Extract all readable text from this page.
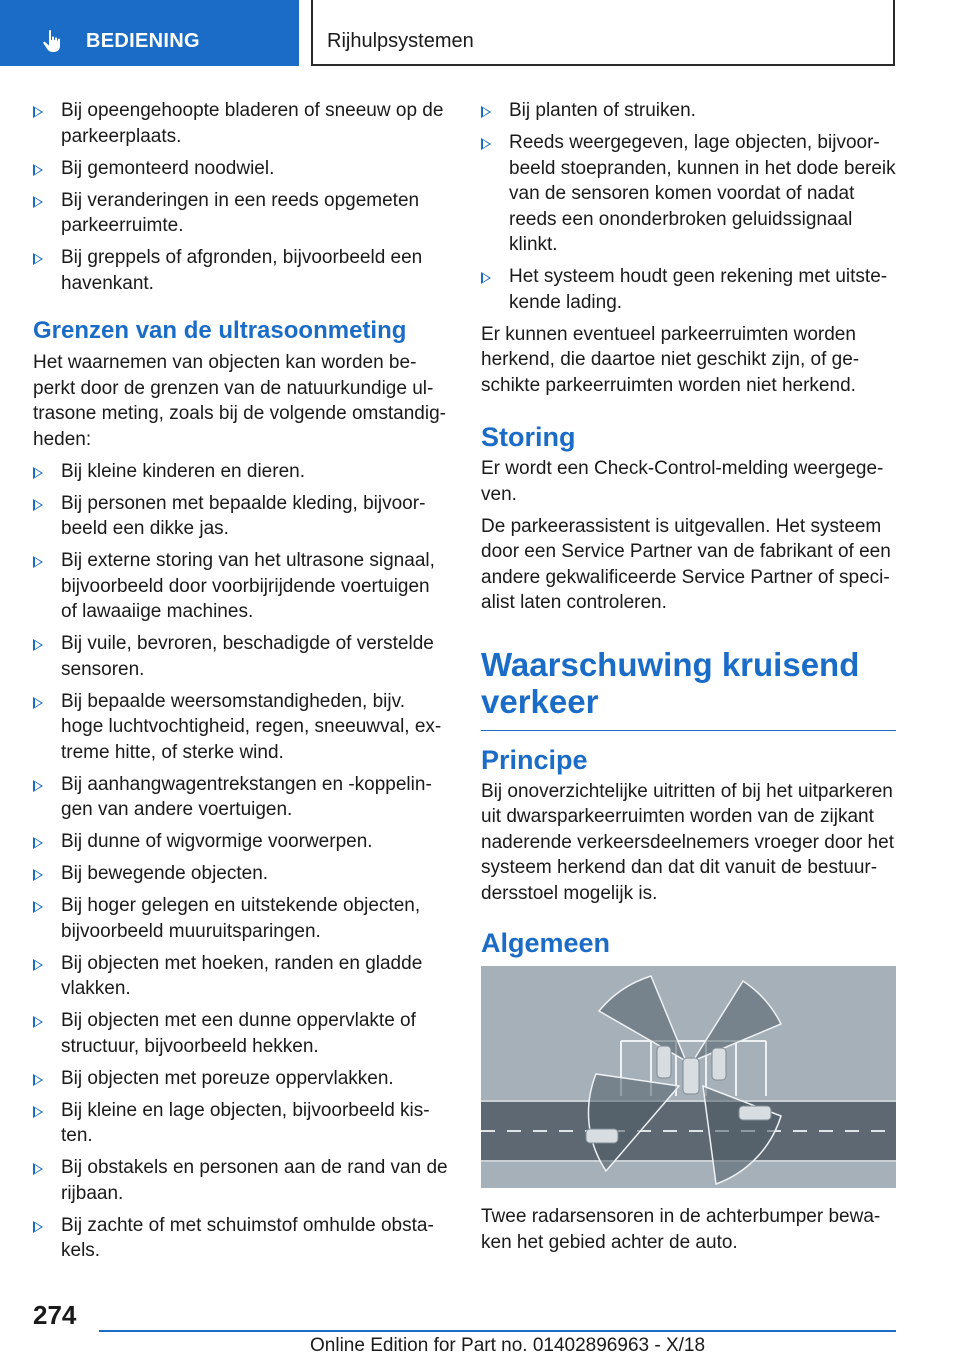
BEDIENING	Rijhulpsystemen
Bij opeengehoopte bladeren of sneeuw op de parkeerplaats.
Bij gemonteerd noodwiel.
Bij veranderingen in een reeds opgemeten parkeerruimte.
Bij greppels of afgronden, bijvoorbeeld een havenkant.
Grenzen van de ultrasoonmeting

Het waarnemen van objecten kan worden beperkt door de grenzen van de natuurkundige ultrasone meting, zoals bij de volgende omstandigheden:

Bij kleine kinderen en dieren.
Bij personen met bepaalde kleding, bijvoorbeeld een dikke jas.
Bij externe storing van het ultrasone signaal, bijvoorbeeld door voorbijrijdende voertuigen of lawaaiige machines.
Bij vuile, bevroren, beschadigde of verstelde sensoren.
Bij bepaalde weersomstandigheden, bijv. hoge luchtvochtigheid, regen, sneeuwval, extreme hitte, of sterke wind.
Bij aanhangwagentrekstangen en -koppelingen van andere voertuigen.
Bij dunne of wigvormige voorwerpen.
Bij bewegende objecten.
Bij hoger gelegen en uitstekende objecten, bijvoorbeeld muuruitsparingen.
Bij objecten met hoeken, randen en gladde vlakken.
Bij objecten met een dunne oppervlakte of structuur, bijvoorbeeld hekken.
Bij objecten met poreuze oppervlakken.
Bij kleine en lage objecten, bijvoorbeeld kisten.
Bij obstakels en personen aan de rand van de rijbaan.
Bij zachte of met schuimstof omhulde obstakels.
Bij planten of struiken.
Reeds weergegeven, lage objecten, bijvoorbeeld stoepranden, kunnen in het dode bereik van de sensoren komen voordat of nadat reeds een ononderbroken geluidssignaal klinkt.
Het systeem houdt geen rekening met uitstekende lading.

Er kunnen eventueel parkeerruimten worden herkend, die daartoe niet geschikt zijn, of geschikte parkeerruimten worden niet herkend.

Storing

Er wordt een Check-Control-melding weergegeven.

De parkeerassistent is uitgevallen. Het systeem door een Service Partner van de fabrikant of een andere gekwalificeerde Service Partner of specialist laten controleren.

Waarschuwing kruisend verkeer
Principe

Bij onoverzichtelijke uitritten of bij het uitparkeren uit dwarsparkeerruimten worden van de zijkant naderende verkeersdeelnemers vroeger door het systeem herkend dan dat dit vanuit de bestuurdersstoel mogelijk is.

Algemeen

Twee radarsensoren in de achterbumper bewaken het gebied achter de auto.

274
Online Edition for Part no. 01402896963 - X/18
